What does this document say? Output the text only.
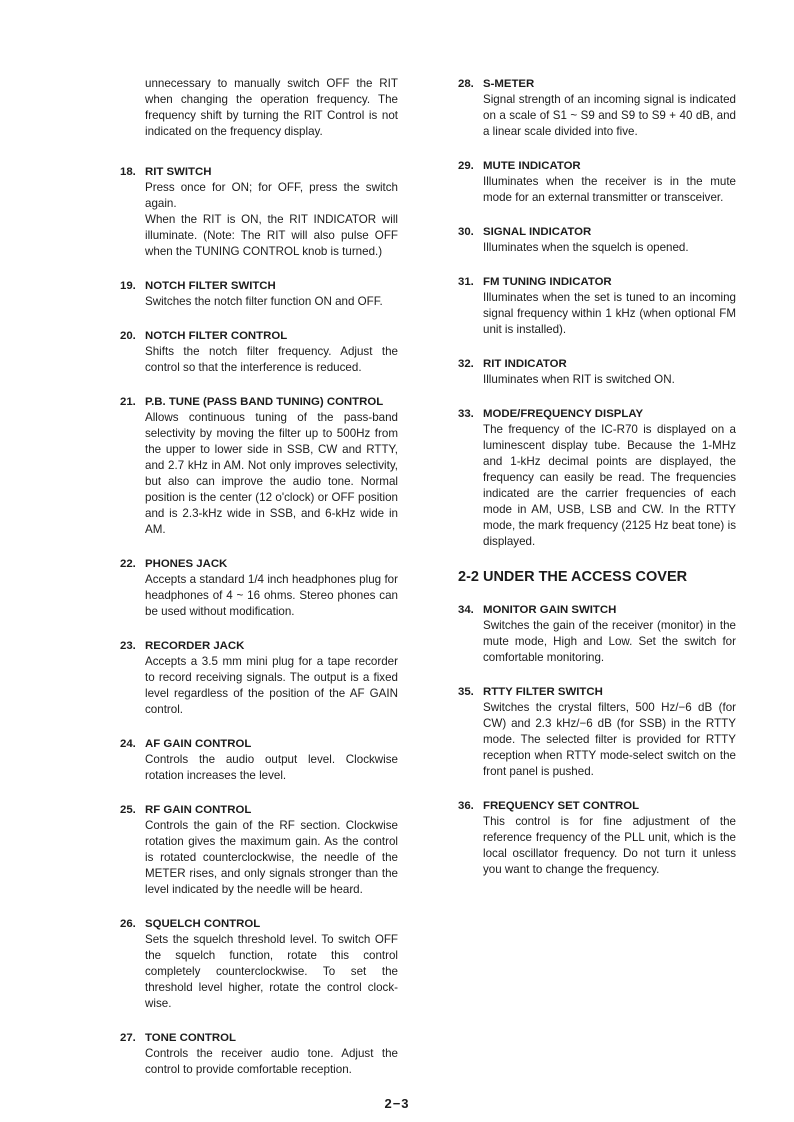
unnecessary to manually switch OFF the RIT when changing the operation frequency. The frequency shift by turning the RIT Control is not indicated on the frequency display.

18. RIT SWITCH

Press once for ON; for OFF, press the switch again.

When the RIT is ON, the RIT INDICATOR will illuminate. (Note: The RIT will also pulse OFF when the TUNING CONTROL knob is turned.)

19. NOTCH FILTER SWITCH

Switches the notch filter function ON and OFF.

20. NOTCH FILTER CONTROL

Shifts the notch filter frequency. Adjust the control so that the interference is reduced.

21. P.B. TUNE (PASS BAND TUNING) CONTROL

Allows continuous tuning of the pass-band selectivity by moving the filter up to 500Hz from the upper to lower side in SSB, CW and RTTY, and 2.7 kHz in AM. Not only improves selectivity, but also can improve the audio tone. Normal position is the center (12 o'clock) or OFF position and is 2.3-kHz wide in SSB, and 6-kHz wide in AM.

22. PHONES JACK

Accepts a standard 1/4 inch headphones plug for headphones of 4 ~ 16 ohms. Stereo phones can be used without modification.

23. RECORDER JACK

Accepts a 3.5 mm mini plug for a tape recorder to record receiving signals. The output is a fixed level regardless of the position of the AF GAIN control.

24. AF GAIN CONTROL

Controls the audio output level. Clockwise rotation increases the level.

25. RF GAIN CONTROL

Controls the gain of the RF section. Clockwise rotation gives the maximum gain. As the control is rotated counterclockwise, the needle of the METER rises, and only signals stronger than the level indicated by the needle will be heard.

26. SQUELCH CONTROL

Sets the squelch threshold level. To switch OFF the squelch function, rotate this control completely counterclockwise. To set the threshold level higher, rotate the control clock-wise.

27. TONE CONTROL

Controls the receiver audio tone. Adjust the control to provide comfortable reception.

28. S-METER

Signal strength of an incoming signal is indicated on a scale of S1 ~ S9 and S9 to S9 + 40 dB, and a linear scale divided into five.

29. MUTE INDICATOR

Illuminates when the receiver is in the mute mode for an external transmitter or transceiver.

30. SIGNAL INDICATOR

Illuminates when the squelch is opened.

31. FM TUNING INDICATOR

Illuminates when the set is tuned to an incoming signal frequency within 1 kHz (when optional FM unit is installed).

32. RIT INDICATOR

Illuminates when RIT is switched ON.

33. MODE/FREQUENCY DISPLAY

The frequency of the IC-R70 is displayed on a luminescent display tube. Because the 1-MHz and 1-kHz decimal points are displayed, the frequency can easily be read. The frequencies indicated are the carrier frequencies of each mode in AM, USB, LSB and CW. In the RTTY mode, the mark frequency (2125 Hz beat tone) is displayed.

2-2 UNDER THE ACCESS COVER
34. MONITOR GAIN SWITCH

Switches the gain of the receiver (monitor) in the mute mode, High and Low. Set the switch for comfortable monitoring.

35. RTTY FILTER SWITCH

Switches the crystal filters, 500 Hz/−6 dB (for CW) and 2.3 kHz/−6 dB (for SSB) in the RTTY mode. The selected filter is provided for RTTY reception when RTTY mode-select switch on the front panel is pushed.

36. FREQUENCY SET CONTROL

This control is for fine adjustment of the reference frequency of the PLL unit, which is the local oscillator frequency. Do not turn it unless you want to change the frequency.

2−3
